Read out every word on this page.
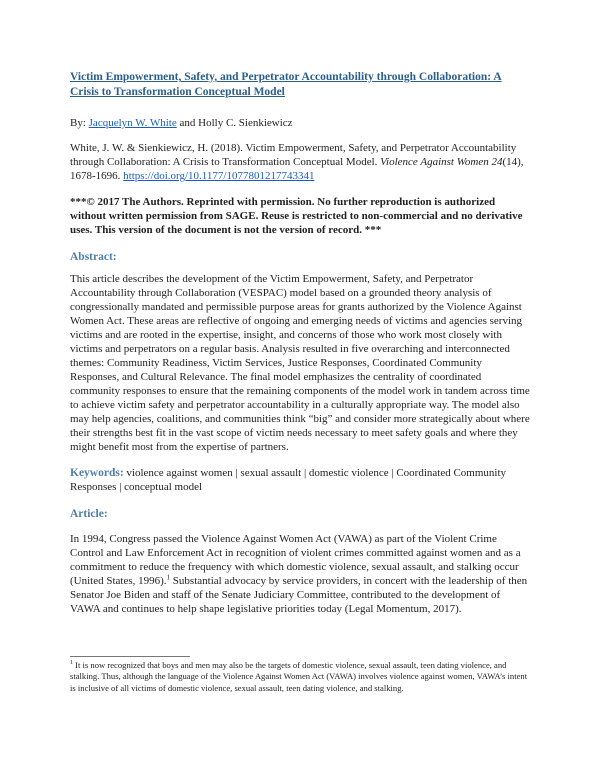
Victim Empowerment, Safety, and Perpetrator Accountability through Collaboration: A Crisis to Transformation Conceptual Model

By: Jacquelyn W. White and Holly C. Sienkiewicz

White, J. W. & Sienkiewicz, H. (2018). Victim Empowerment, Safety, and Perpetrator Accountability through Collaboration: A Crisis to Transformation Conceptual Model. Violence Against Women 24(14), 1678-1696. https://doi.org/10.1177/1077801217743341

***© 2017 The Authors. Reprinted with permission. No further reproduction is authorized without written permission from SAGE. Reuse is restricted to non-commercial and no derivative uses. This version of the document is not the version of record. ***

Abstract:

This article describes the development of the Victim Empowerment, Safety, and Perpetrator Accountability through Collaboration (VESPAC) model based on a grounded theory analysis of congressionally mandated and permissible purpose areas for grants authorized by the Violence Against Women Act. These areas are reflective of ongoing and emerging needs of victims and agencies serving victims and are rooted in the expertise, insight, and concerns of those who work most closely with victims and perpetrators on a regular basis. Analysis resulted in five overarching and interconnected themes: Community Readiness, Victim Services, Justice Responses, Coordinated Community Responses, and Cultural Relevance. The final model emphasizes the centrality of coordinated community responses to ensure that the remaining components of the model work in tandem across time to achieve victim safety and perpetrator accountability in a culturally appropriate way. The model also may help agencies, coalitions, and communities think “big” and consider more strategically about where their strengths best fit in the vast scope of victim needs necessary to meet safety goals and where they might benefit most from the expertise of partners.

Keywords: violence against women | sexual assault | domestic violence | Coordinated Community Responses | conceptual model

Article:

In 1994, Congress passed the Violence Against Women Act (VAWA) as part of the Violent Crime Control and Law Enforcement Act in recognition of violent crimes committed against women and as a commitment to reduce the frequency with which domestic violence, sexual assault, and stalking occur (United States, 1996).$^1$ Substantial advocacy by service providers, in concert with the leadership of then Senator Joe Biden and staff of the Senate Judiciary Committee, contributed to the development of VAWA and continues to help shape legislative priorities today (Legal Momentum, 2017).

$^1$ It is now recognized that boys and men may also be the targets of domestic violence, sexual assault, teen dating violence, and stalking. Thus, although the language of the Violence Against Women Act (VAWA) involves violence against women, VAWA’s intent is inclusive of all victims of domestic violence, sexual assault, teen dating violence, and stalking.
